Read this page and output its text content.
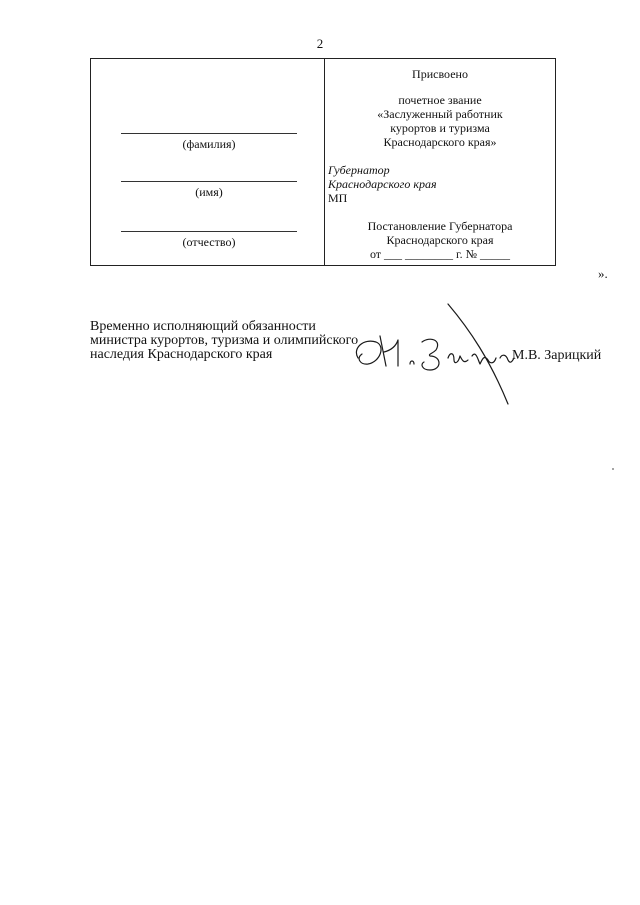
2
(фамилия)
(имя)
(отчество)
Присвоено
почетное звание
«Заслуженный работник
курортов и туризма
Краснодарского края»
Губернатор
Краснодарского края
МП
Постановление Губернатора
Краснодарского края
от ___ ________ г. № _____
».
Временно исполняющий обязанности
министра курортов, туризма и олимпийского
наследия Краснодарского края	М.В. Зарицкий
